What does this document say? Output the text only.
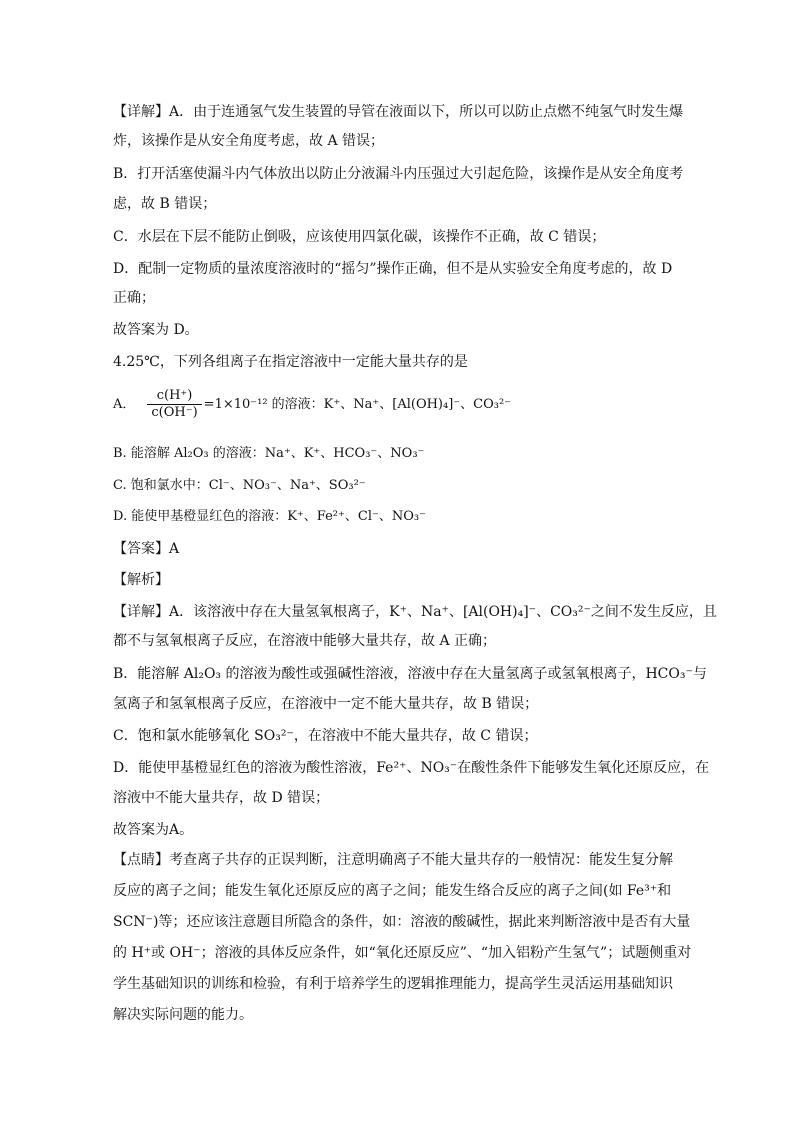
【详解】A．由于连通氢气发生装置的导管在液面以下，所以可以防止点燃不纯氢气时发生爆
炸，该操作是从安全角度考虑，故 A 错误；
B．打开活塞使漏斗内气体放出以防止分液漏斗内压强过大引起危险，该操作是从安全角度考
虑，故 B 错误；
C．水层在下层不能防止倒吸，应该使用四氯化碳，该操作不正确，故 C 错误；
D．配制一定物质的量浓度溶液时的“摇匀”操作正确，但不是从实验安全角度考虑的，故 D
正确；
故答案为 D。
4.25℃，下列各组离子在指定溶液中一定能大量共存的是
A． $\frac{c(H^+)}{c(OH^-)} =1\times 10^{-12}$ 的溶液：K⁺、Na⁺、[Al(OH)₄]⁻、CO₃²⁻
B. 能溶解 Al₂O₃ 的溶液：Na⁺、K⁺、HCO₃⁻、NO₃⁻
C. 饱和氯水中：Cl⁻、NO₃⁻、Na⁺、SO₃²⁻
D. 能使甲基橙显红色的溶液：K⁺、Fe²⁺、Cl⁻、NO₃⁻
【答案】A
【解析】
【详解】A．该溶液中存在大量氢氧根离子，K⁺、Na⁺、[Al(OH)₄]⁻、CO₃²⁻之间不发生反应，且
都不与氢氧根离子反应，在溶液中能够大量共存，故 A 正确；
B．能溶解 Al₂O₃ 的溶液为酸性或强碱性溶液，溶液中存在大量氢离子或氢氧根离子，HCO₃⁻与
氢离子和氢氧根离子反应，在溶液中一定不能大量共存，故 B 错误；
C．饱和氯水能够氧化 SO₃²⁻，在溶液中不能大量共存，故 C 错误；
D．能使甲基橙显红色的溶液为酸性溶液，Fe²⁺、NO₃⁻在酸性条件下能够发生氧化还原反应，在
溶液中不能大量共存，故 D 错误；
故答案为A。
【点睛】考查离子共存的正误判断，注意明确离子不能大量共存的一般情况：能发生复分解
反应的离子之间；能发生氧化还原反应的离子之间；能发生络合反应的离子之间(如 Fe³⁺和
SCN⁻)等；还应该注意题目所隐含的条件，如：溶液的酸碱性，据此来判断溶液中是否有大量
的 H⁺或 OH⁻；溶液的具体反应条件，如“氧化还原反应”、“加入铝粉产生氢气”；试题侧重对
学生基础知识的训练和检验，有利于培养学生的逻辑推理能力，提高学生灵活运用基础知识
解决实际问题的能力。
